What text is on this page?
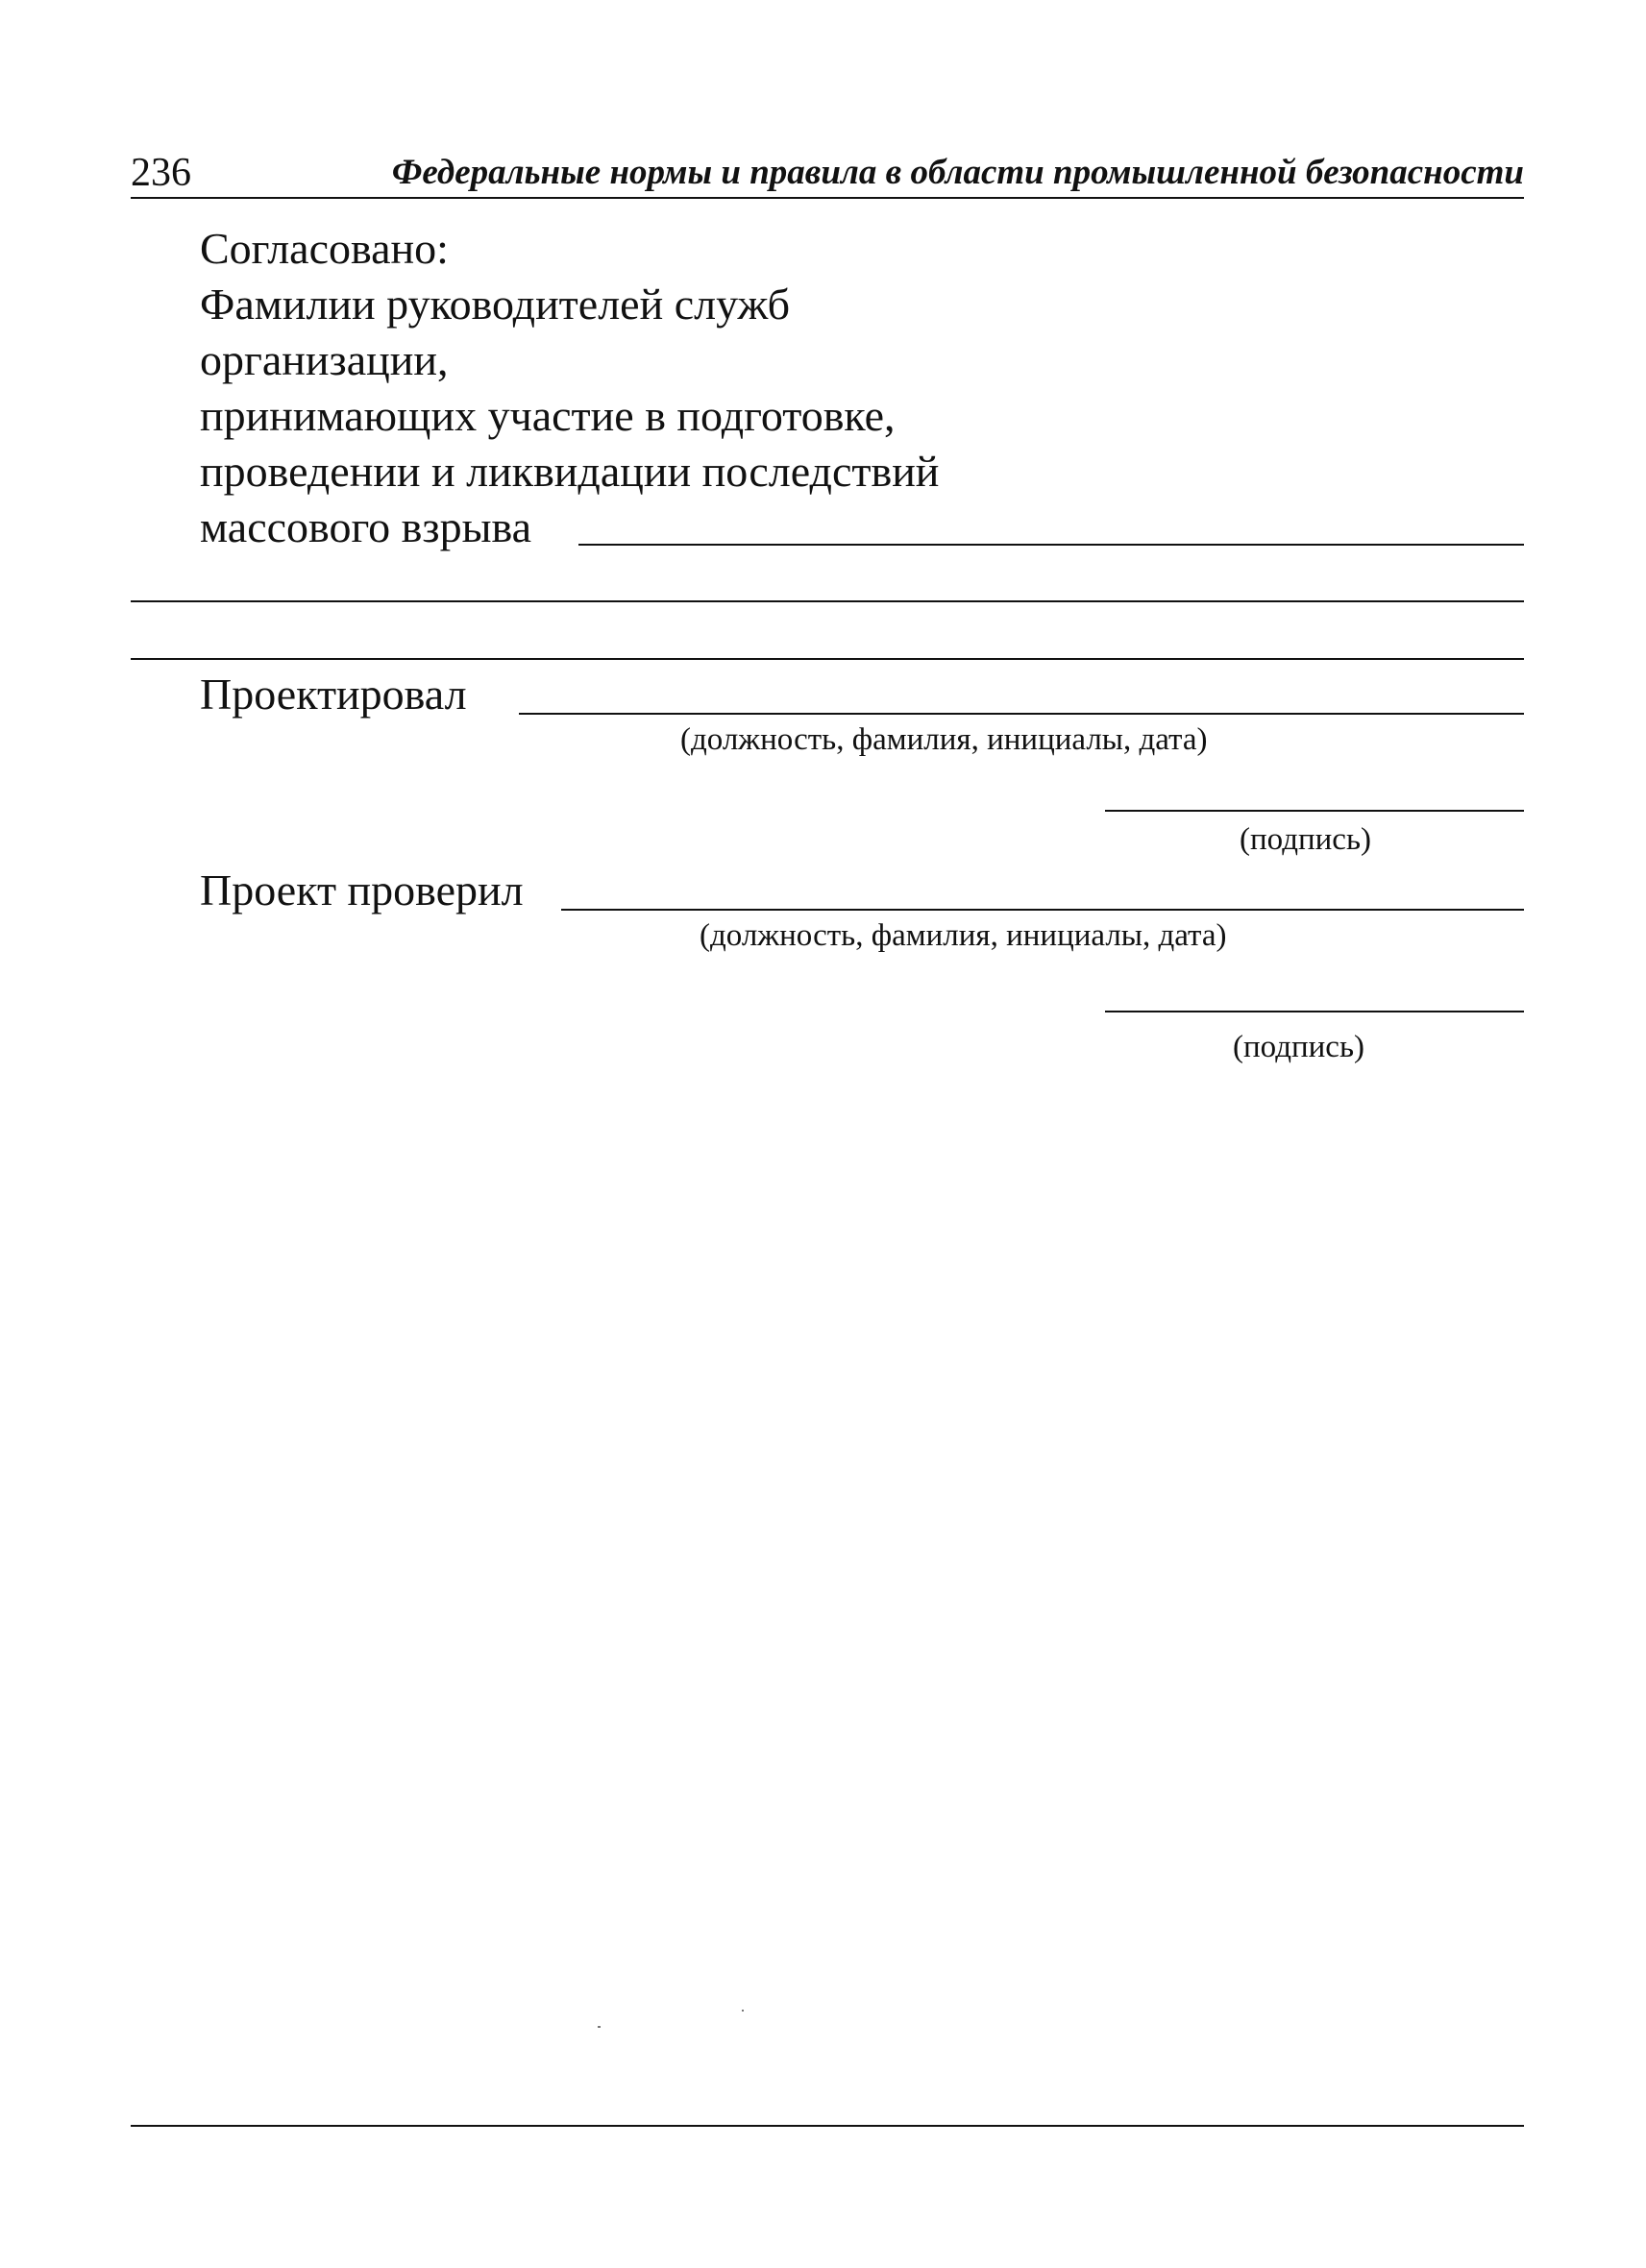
236	Федеральные нормы и правила в области промышленной безопасности
Согласовано:
Фамилии руководителей служб
организации,
принимающих участие в подготовке,
проведении и ликвидации последствий
массового взрыва
Проектировал
(должность, фамилия, инициалы, дата)
(подпись)
Проект проверил
(должность, фамилия, инициалы, дата)
(подпись)
